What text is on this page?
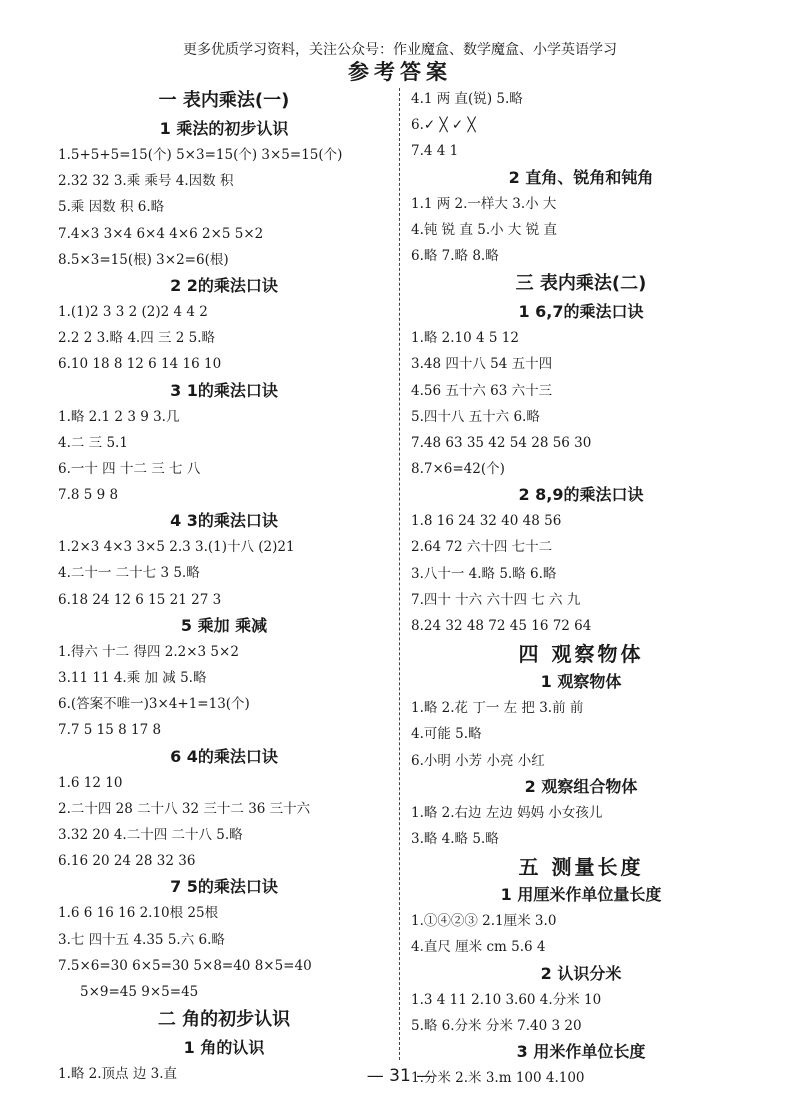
更多优质学习资料，关注公众号：作业魔盒、数学魔盒、小学英语学习
参考答案
一 表内乘法(一)
1 乘法的初步认识
1.5+5+5=15(个) 5×3=15(个) 3×5=15(个)
2.32 32 3.乘 乘号 4.因数 积
5.乘 因数 积 6.略
7.4×3 3×4 6×4 4×6 2×5 5×2
8.5×3=15(根) 3×2=6(根)
2 2的乘法口诀
1.(1)2 3 3 2 (2)2 4 4 2
2.2 2 3.略 4.四 三 2 5.略
6.10 18 8 12 6 14 16 10
3 1的乘法口诀
1.略 2.1 2 3 9 3.几
4.二 三 5.1
6.一十 四 十二 三 七 八
7.8 5 9 8
4 3的乘法口诀
1.2×3 4×3 3×5 2.3 3.(1)十八 (2)21
4.二十一 二十七 3 5.略
6.18 24 12 6 15 21 27 3
5 乘加 乘减
1.得六 十二 得四 2.2×3 5×2
3.11 11 4.乘 加 减 5.略
6.(答案不唯一)3×4+1=13(个)
7.7 5 15 8 17 8
6 4的乘法口诀
1.6 12 10
2.二十四 28 二十八 32 三十二 36 三十六
3.32 20 4.二十四 二十八 5.略
6.16 20 24 28 32 36
7 5的乘法口诀
1.6 6 16 16 2.10根 25根
3.七 四十五 4.35 5.六 6.略
7.5×6=30 6×5=30 5×8=40 8×5=40
5×9=45 9×5=45
二 角的初步认识
1 角的认识
1.略 2.顶点 边 3.直
4.1 两 直(锐) 5.略
6.✓ ╳ ✓ ╳
7.4 4 1
2 直角、锐角和钝角
1.1 两 2.一样大 3.小 大
4.钝 锐 直 5.小 大 锐 直
6.略 7.略 8.略
三 表内乘法(二)
1 6,7的乘法口诀
1.略 2.10 4 5 12
3.48 四十八 54 五十四
4.56 五十六 63 六十三
5.四十八 五十六 6.略
7.48 63 35 42 54 28 56 30
8.7×6=42(个)
2 8,9的乘法口诀
1.8 16 24 32 40 48 56
2.64 72 六十四 七十二
3.八十一 4.略 5.略 6.略
7.四十 十六 六十四 七 六 九
8.24 32 48 72 45 16 72 64
四 观察物体
1 观察物体
1.略 2.花 丁一 左 把 3.前 前
4.可能 5.略
6.小明 小芳 小亮 小红
2 观察组合物体
1.略 2.右边 左边 妈妈 小女孩儿
3.略 4.略 5.略
五 测量长度
1 用厘米作单位量长度
1.①④②③ 2.1厘米 3.0
4.直尺 厘米 cm 5.6 4
2 认识分米
1.3 4 11 2.10 3.60 4.分米 10
5.略 6.分米 分米 7.40 3 20
3 用米作单位长度
1.分米 2.米 3.m 100 4.100
— 31 —
